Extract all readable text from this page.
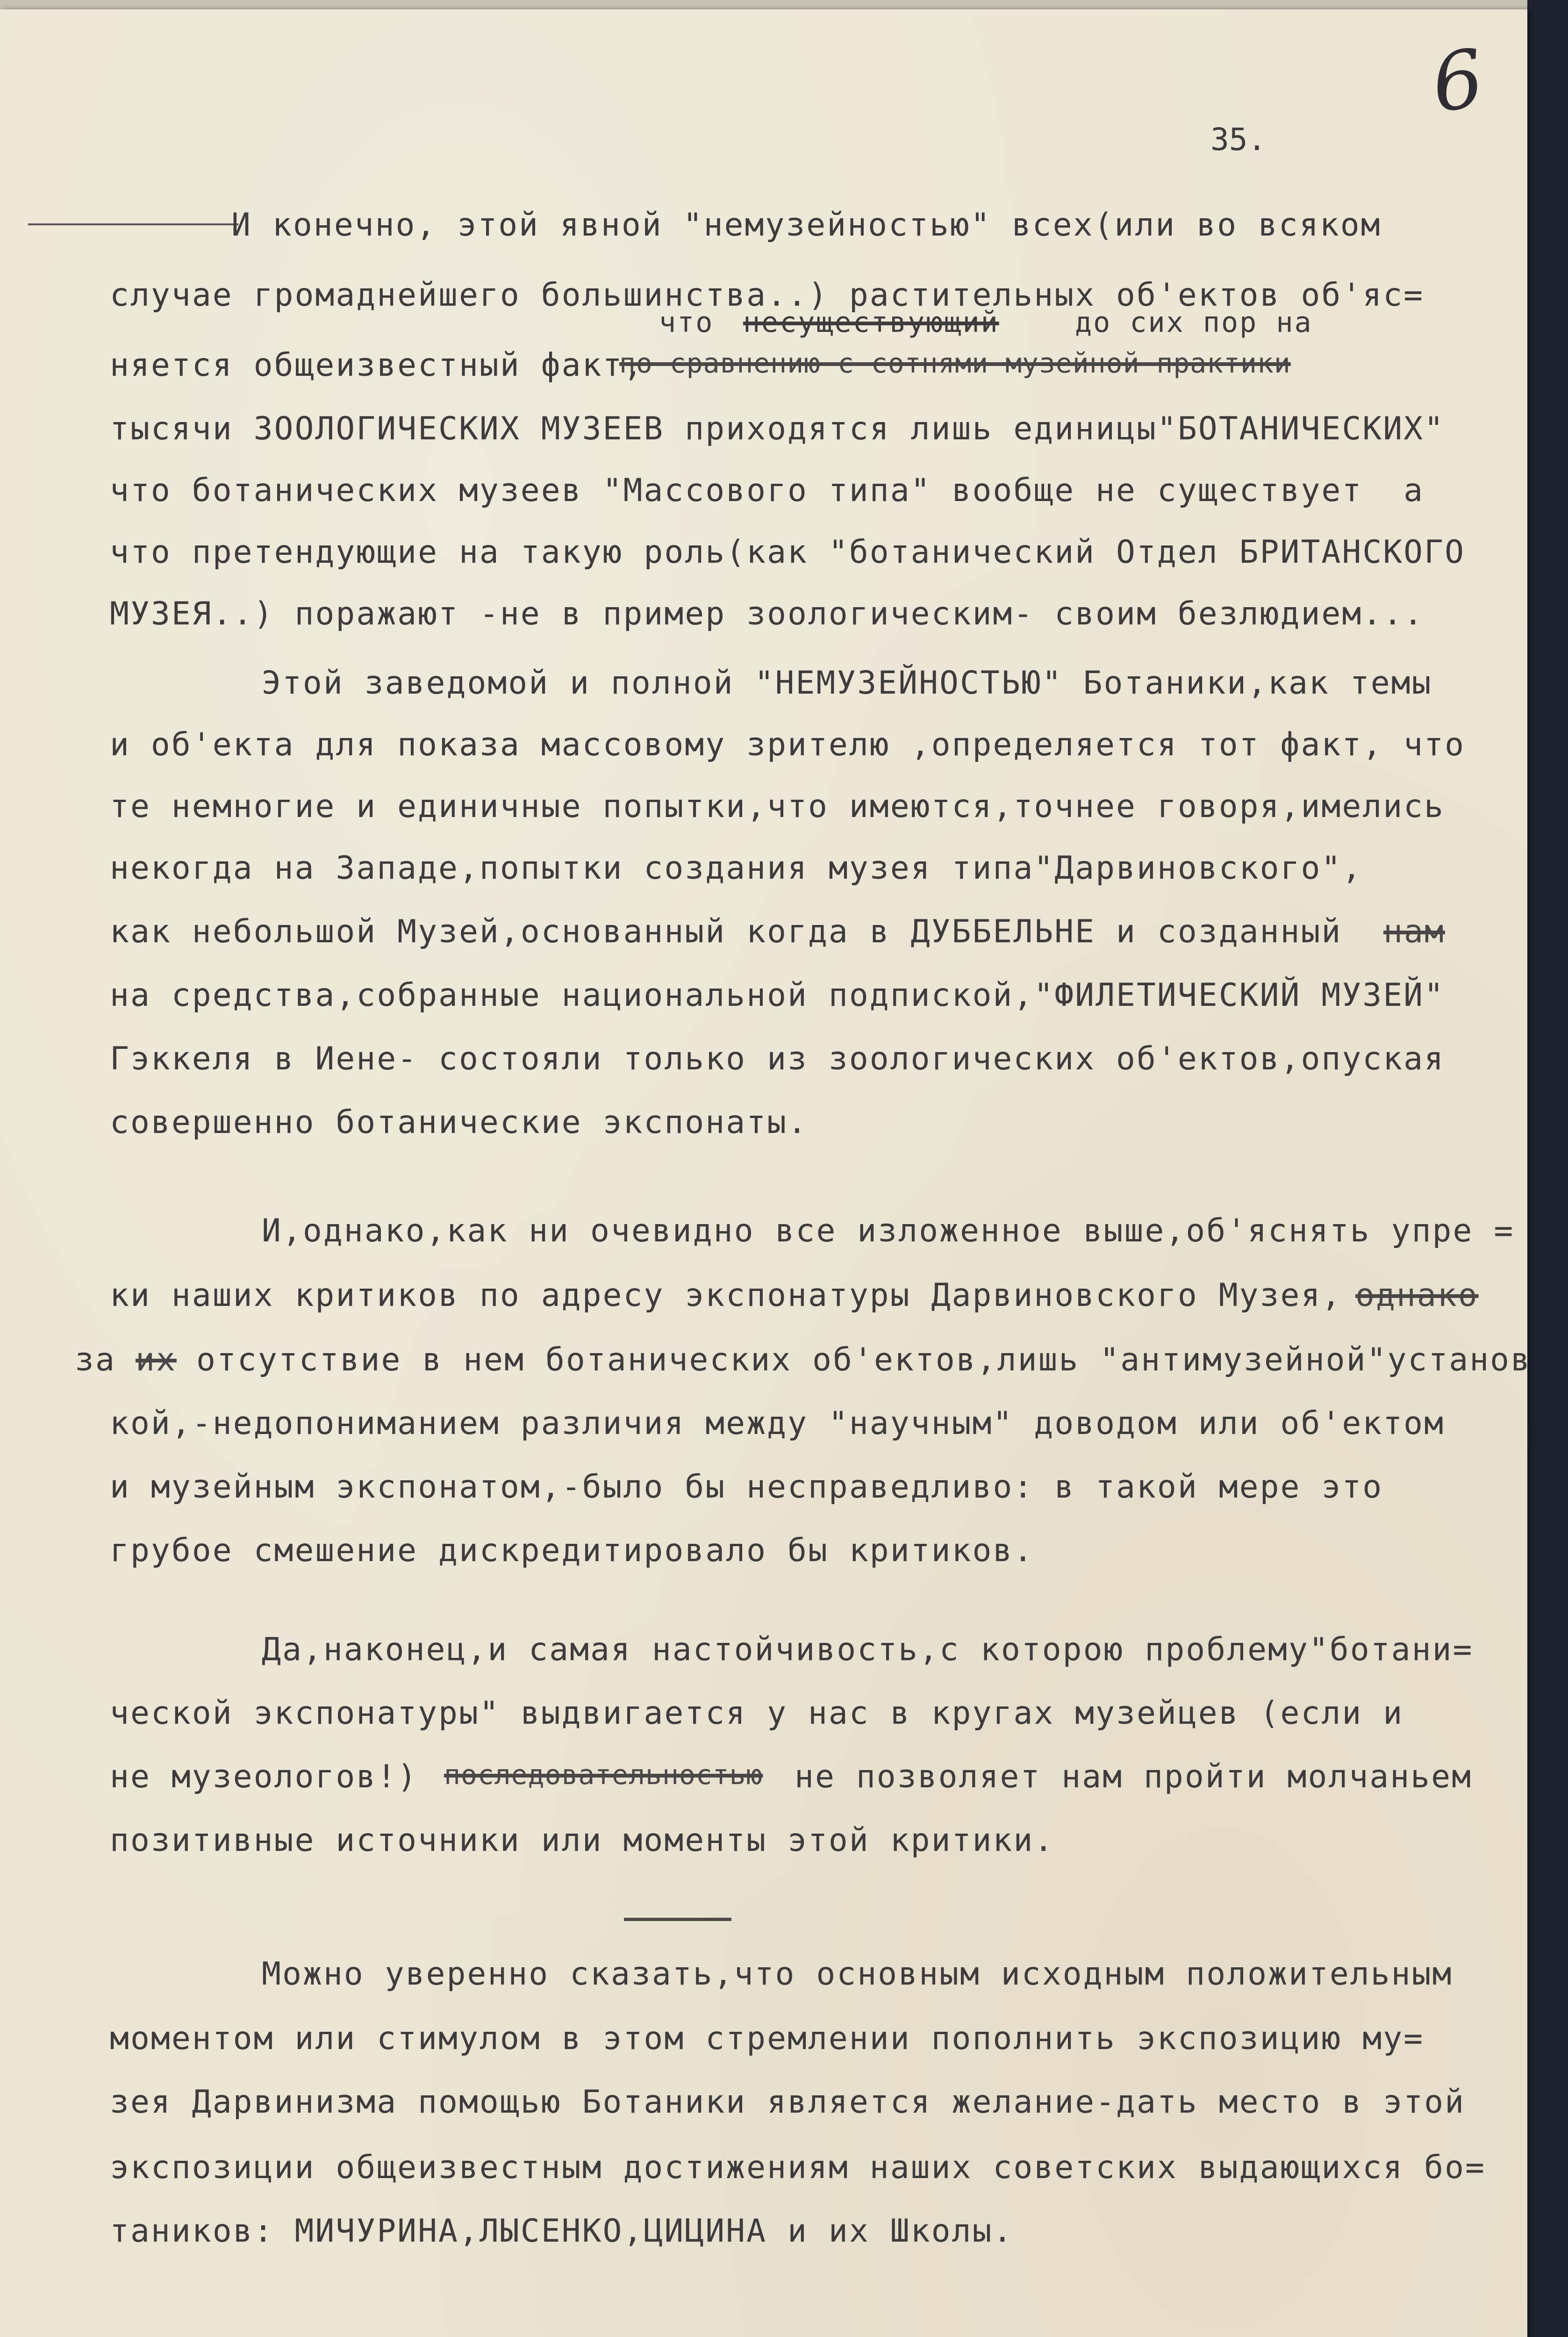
35.
6
И конечно, этой явной "немузейностью" всех(или во всяком
случае громаднейшего большинства..) растительных об'ектов об'яс=
что несуществующий	до сих пор на
няется общеизвестный факт,
по сравнению с сотнями музейной практики
тысячи ЗООЛОГИЧЕСКИХ МУЗЕЕВ приходятся лишь единицы"БОТАНИЧЕСКИХ"
что ботанических музеев "Массового типа" вообще не существует  а
что претендующие на такую роль(как "ботанический Отдел БРИТАНСКОГО
МУЗЕЯ..) поражают -не в пример зоологическим- своим безлюдием...
Этой заведомой и полной "НЕМУЗЕЙНОСТЬЮ" Ботаники,как темы
и об'екта для показа массовому зрителю ,определяется тот факт, что
те немногие и единичные попытки,что имеются,точнее говоря,имелись
некогда на Западе,попытки создания музея типа"Дарвиновского",
как небольшой Музей,основанный когда в ДУББЕЛЬНЕ и созданный нам
на средства,собранные национальной подпиской,"ФИЛЕТИЧЕСКИЙ МУЗЕЙ"
Гэккеля в Иене- состояли только из зоологических об'ектов,опуская
совершенно ботанические экспонаты.
И,однако,как ни очевидно все изложенное выше,об'яснять упре =
ки наших критиков по адресу экспонатуры Дарвиновского Музея, однако
за их отсутствие в нем ботанических об'ектов,лишь "антимузейной"установ
кой,-недопониманием различия между "научным" доводом или об'ектом
и музейным экспонатом,-было бы несправедливо: в такой мере это
грубое смешение дискредитировало бы критиков.
Да,наконец,и самая настойчивость,с которою проблему"ботани=
ческой экспонатуры" выдвигается у нас в кругах музейцев (если и
не музеологов!) последовательностью не позволяет нам пройти молчаньем
позитивные источники или моменты этой критики.
Можно уверенно сказать,что основным исходным положительным
моментом или стимулом в этом стремлении пополнить экспозицию му=
зея Дарвинизма помощью Ботаники является желание-дать место в этой
экспозиции общеизвестным достижениям наших советских выдающихся бо=
таников: МИЧУРИНА,ЛЫСЕНКО,ЦИЦИНА и их Школы.
